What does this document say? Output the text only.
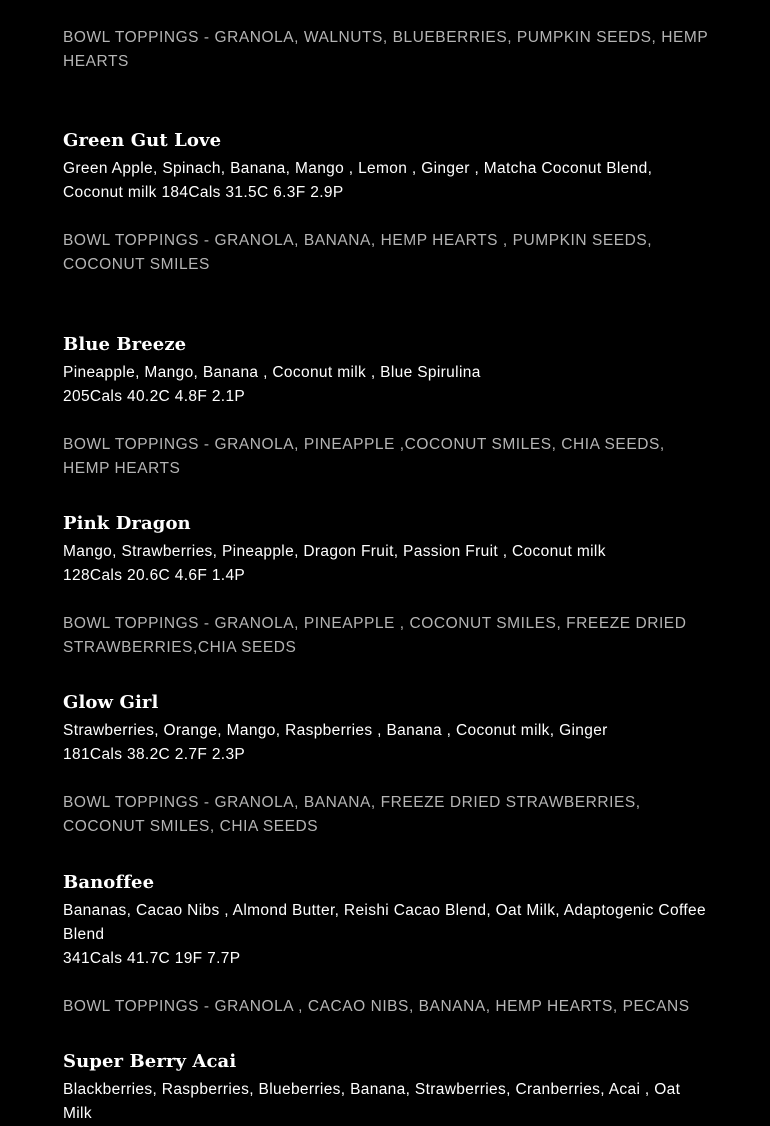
BOWL TOPPINGS - GRANOLA, WALNUTS, BLUEBERRIES, PUMPKIN SEEDS, HEMP HEARTS

Green Gut Love

Green Apple, Spinach, Banana, Mango , Lemon , Ginger , Matcha Coconut Blend, Coconut milk 184Cals 31.5C 6.3F 2.9P

BOWL TOPPINGS - GRANOLA, BANANA, HEMP HEARTS , PUMPKIN SEEDS, COCONUT SMILES

Blue Breeze

Pineapple, Mango, Banana , Coconut milk , Blue Spirulina
205Cals 40.2C 4.8F 2.1P

BOWL TOPPINGS - GRANOLA, PINEAPPLE ,COCONUT SMILES, CHIA SEEDS, HEMP HEARTS

Pink Dragon

Mango, Strawberries, Pineapple, Dragon Fruit, Passion Fruit , Coconut milk
128Cals 20.6C 4.6F 1.4P

BOWL TOPPINGS - GRANOLA, PINEAPPLE , COCONUT SMILES, FREEZE DRIED STRAWBERRIES,CHIA SEEDS

Glow Girl

Strawberries, Orange, Mango, Raspberries , Banana , Coconut milk, Ginger
181Cals 38.2C 2.7F 2.3P

BOWL TOPPINGS - GRANOLA, BANANA, FREEZE DRIED STRAWBERRIES, COCONUT SMILES, CHIA SEEDS

Banoffee

Bananas, Cacao Nibs , Almond Butter, Reishi Cacao Blend, Oat Milk, Adaptogenic Coffee Blend
341Cals 41.7C 19F 7.7P

BOWL TOPPINGS - GRANOLA , CACAO NIBS, BANANA, HEMP HEARTS, PECANS

Super Berry Acai

Blackberries, Raspberries, Blueberries, Banana, Strawberries, Cranberries, Acai , Oat Milk
